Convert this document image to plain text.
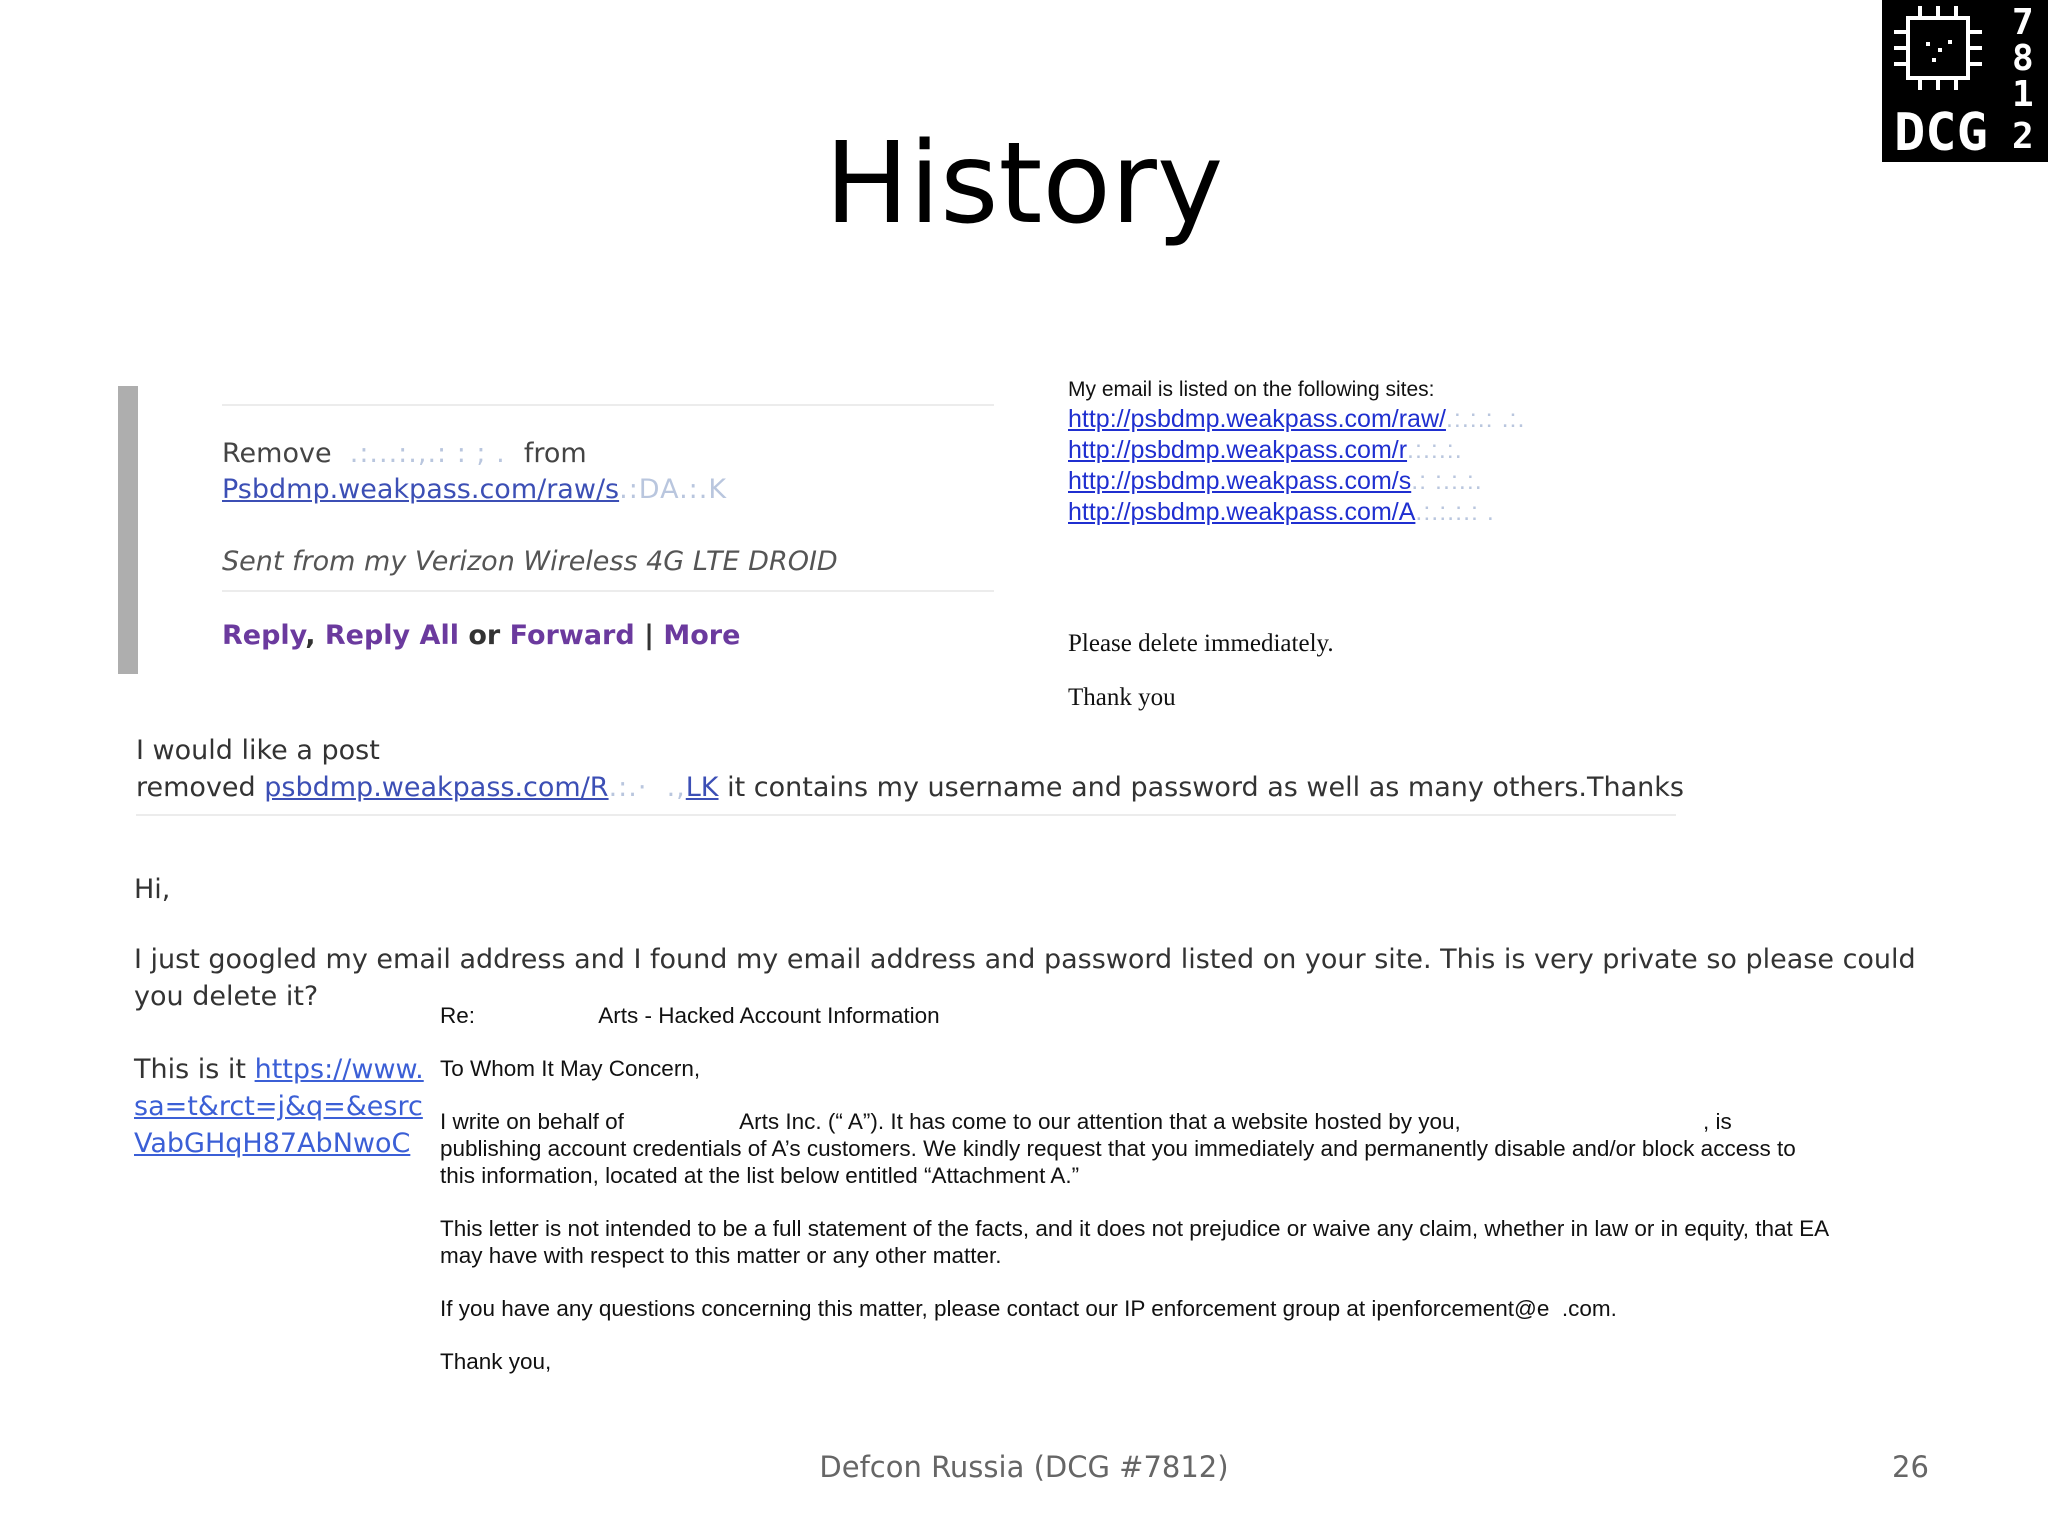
History	DCG
7
8
1
2
Remove  .:...:.,.: : ; .  from
Psbdmp.weakpass.com/raw/s.:DA.:.K
Sent from my Verizon Wireless 4G LTE DROID
Reply, Reply All or Forward | More
My email is listed on the following sites:
http://psbdmp.weakpass.com/raw/.:.:.: .:.
http://psbdmp.weakpass.com/r.:.:.:.
http://psbdmp.weakpass.com/s.: :.:.:.
http://psbdmp.weakpass.com/A.:.:.:.: .
Please delete immediately.
Thank you
I would like a post
removed psbdmp.weakpass.com/R.:.·  .,LK it contains my username and password as well as many others.Thanks
Hi,
I just googled my email address and I found my email address and password listed on your site. This is very private so please could
you delete it?
This is it https://www.
sa=t&rct=j&q=&esrc
VabGHqH87AbNwoC

Re:	Arts - Hacked Account Information

To Whom It May Concern,

I write on behalf of	Arts Inc. (“ A”). It has come to our attention that a website hosted by you,	, is
publishing account credentials of A’s customers. We kindly request that you immediately and permanently disable and/or block access to
this information, located at the list below entitled “Attachment A.”

This letter is not intended to be a full statement of the facts, and it does not prejudice or waive any claim, whether in law or in equity, that EA
may have with respect to this matter or any other matter.

If you have any questions concerning this matter, please contact our IP enforcement group at ipenforcement@e .com.

Thank you,

Defcon Russia (DCG #7812)	26
